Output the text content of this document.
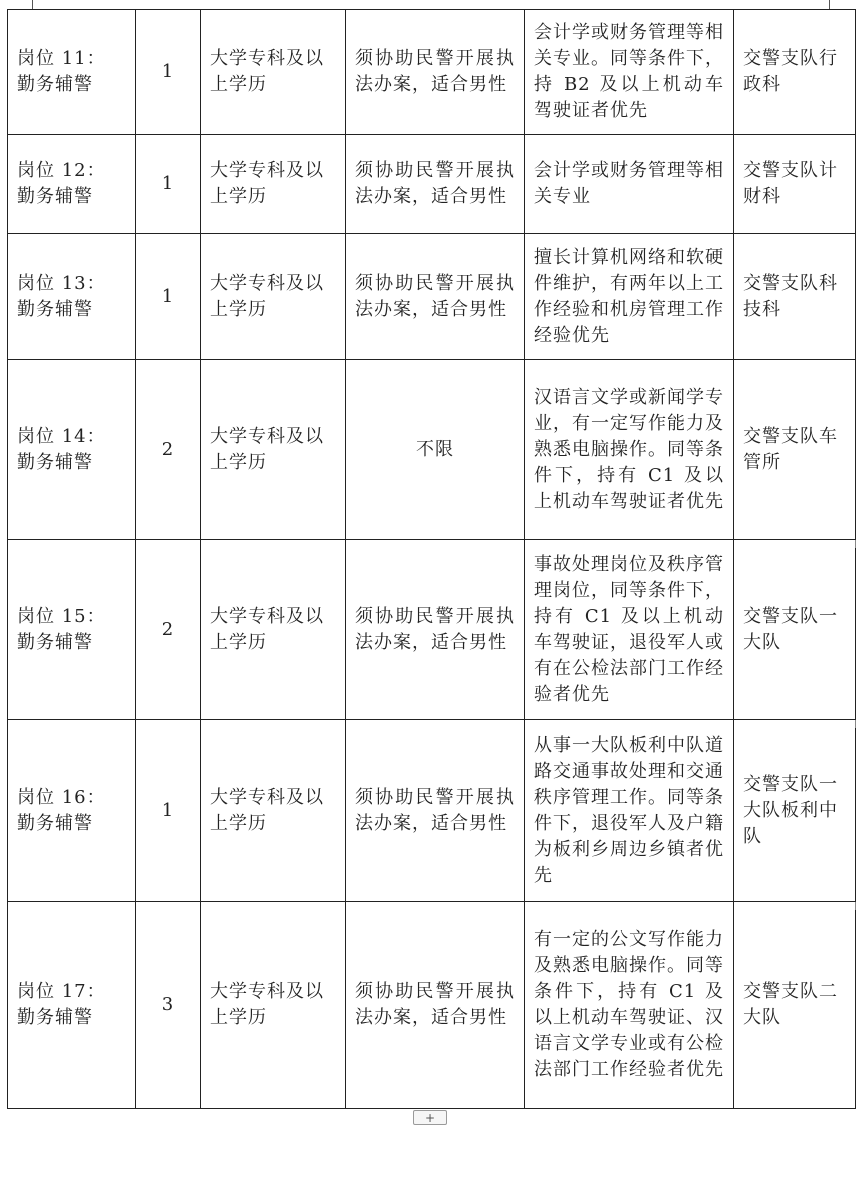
岗位 11：
勤务辅警	1	大学专科及以上学历	须协助民警开展执法办案，适合男性	会计学或财务管理等相关专业。同等条件下，持 B2 及以上机动车驾驶证者优先	交警支队行政科
岗位 12：
勤务辅警	1	大学专科及以上学历	须协助民警开展执法办案，适合男性	会计学或财务管理等相关专业	交警支队计财科
岗位 13：
勤务辅警	1	大学专科及以上学历	须协助民警开展执法办案，适合男性	擅长计算机网络和软硬件维护，有两年以上工作经验和机房管理工作经验优先	交警支队科技科
岗位 14：
勤务辅警	2	大学专科及以上学历	不限	汉语言文学或新闻学专业，有一定写作能力及熟悉电脑操作。同等条件下，持有 C1 及以上机动车驾驶证者优先	交警支队车管所
岗位 15：
勤务辅警	2	大学专科及以上学历	须协助民警开展执法办案，适合男性	事故处理岗位及秩序管理岗位，同等条件下，持有 C1 及以上机动车驾驶证，退役军人或有在公检法部门工作经验者优先	交警支队一大队
岗位 16：
勤务辅警	1	大学专科及以上学历	须协助民警开展执法办案，适合男性	从事一大队板利中队道路交通事故处理和交通秩序管理工作。同等条件下，退役军人及户籍为板利乡周边乡镇者优先	交警支队一大队板利中队
岗位 17：
勤务辅警	3	大学专科及以上学历	须协助民警开展执法办案，适合男性	有一定的公文写作能力及熟悉电脑操作。同等条件下，持有 C1 及以上机动车驾驶证、汉语言文学专业或有公检法部门工作经验者优先	交警支队二大队
+
